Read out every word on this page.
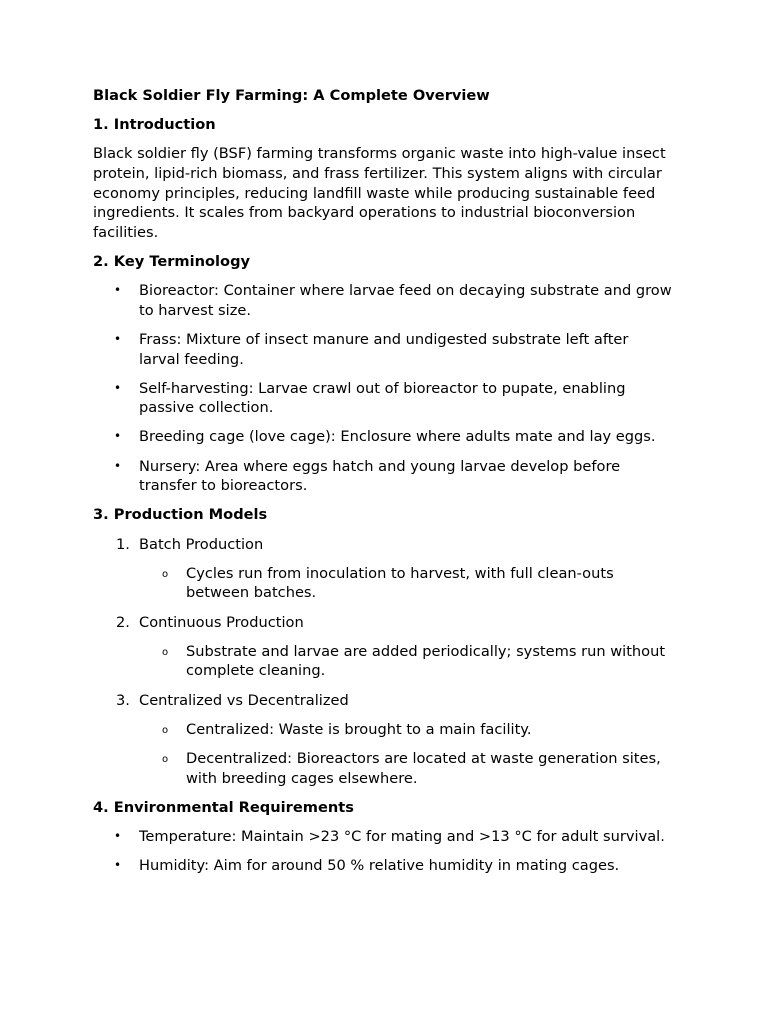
Black Soldier Fly Farming: A Complete Overview

1. Introduction

Black soldier fly (BSF) farming transforms organic waste into high-value insect protein, lipid-rich biomass, and frass fertilizer. This system aligns with circular economy principles, reducing landfill waste while producing sustainable feed ingredients. It scales from backyard operations to industrial bioconversion facilities.

2. Key Terminology

• Bioreactor: Container where larvae feed on decaying substrate and grow to harvest size.
• Frass: Mixture of insect manure and undigested substrate left after larval feeding.
• Self-harvesting: Larvae crawl out of bioreactor to pupate, enabling passive collection.
• Breeding cage (love cage): Enclosure where adults mate and lay eggs.
• Nursery: Area where eggs hatch and young larvae develop before transfer to bioreactors.

3. Production Models

1. Batch Production
o Cycles run from inoculation to harvest, with full clean-outs between batches.
2. Continuous Production
o Substrate and larvae are added periodically; systems run without complete cleaning.
3. Centralized vs Decentralized
o Centralized: Waste is brought to a main facility.
o Decentralized: Bioreactors are located at waste generation sites, with breeding cages elsewhere.

4. Environmental Requirements

• Temperature: Maintain >23 °C for mating and >13 °C for adult survival.
• Humidity: Aim for around 50 % relative humidity in mating cages.
